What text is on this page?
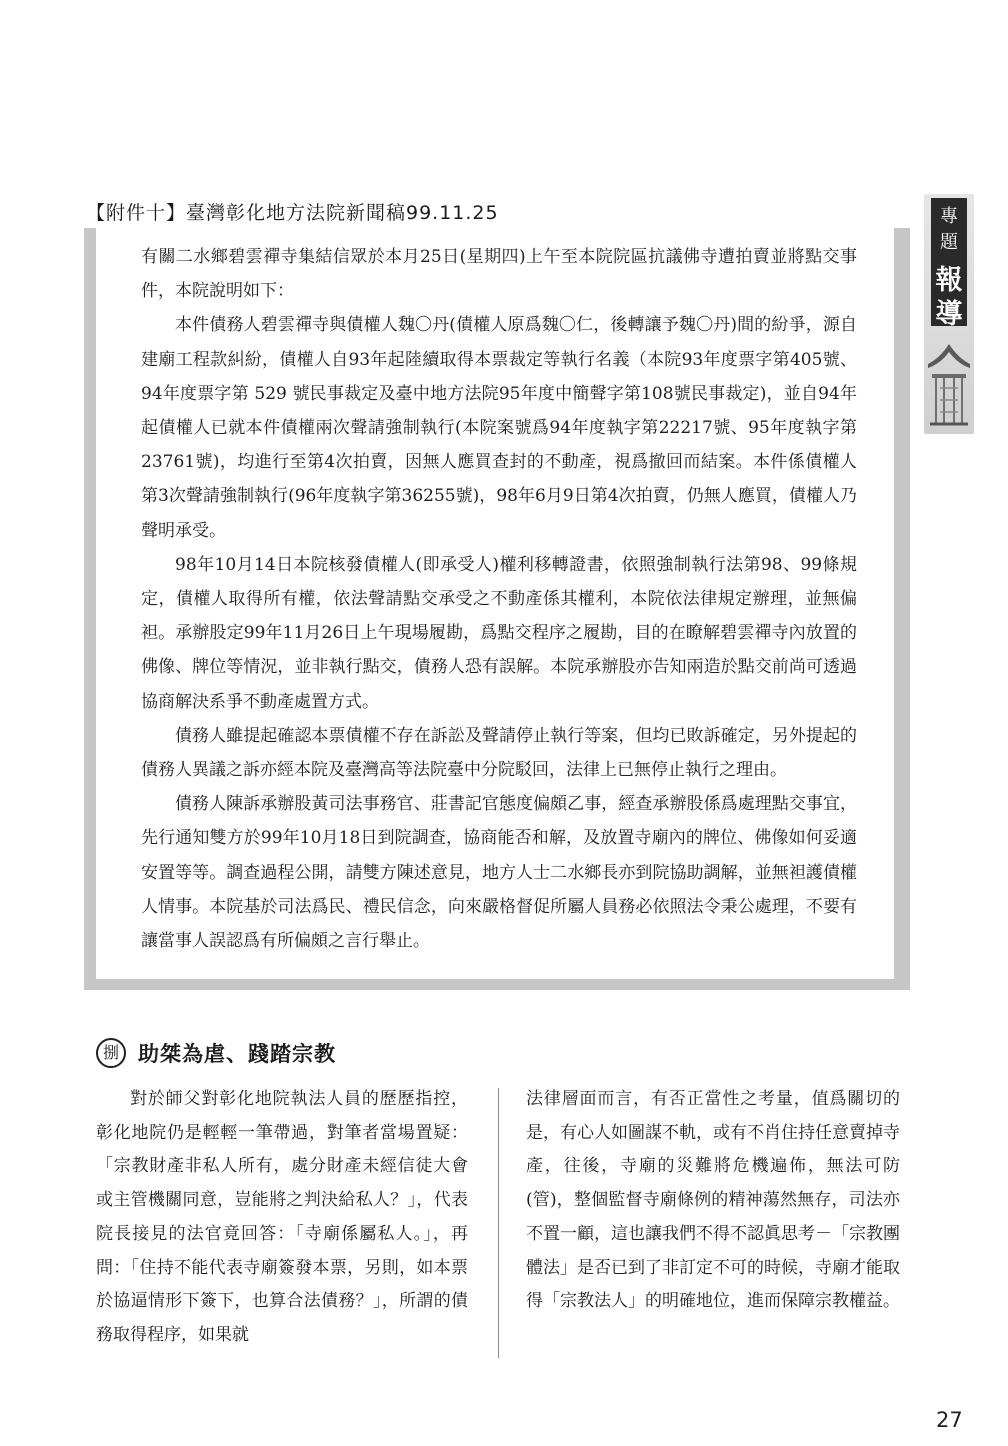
【附件十】臺灣彰化地方法院新聞稿99.11.25

有關二水鄉碧雲禪寺集結信眾於本月25日(星期四)上午至本院院區抗議佛寺遭拍賣並將點交事件，本院說明如下：

本件債務人碧雲禪寺與債權人魏〇丹(債權人原爲魏〇仁，後轉讓予魏〇丹)間的紛爭，源自建廟工程款糾紛，債權人自93年起陸續取得本票裁定等執行名義（本院93年度票字第405號、94年度票字第 529 號民事裁定及臺中地方法院95年度中簡聲字第108號民事裁定)，並自94年起債權人已就本件債權兩次聲請強制執行(本院案號爲94年度執字第22217號、95年度執字第23761號)，均進行至第4次拍賣，因無人應買查封的不動產，視爲撤回而結案。本件係債權人第3次聲請強制執行(96年度執字第36255號)，98年6月9日第4次拍賣，仍無人應買，債權人乃聲明承受。

98年10月14日本院核發債權人(即承受人)權利移轉證書，依照強制執行法第98、99條規定，債權人取得所有權，依法聲請點交承受之不動產係其權利，本院依法律規定辦理，並無偏袒。承辦股定99年11月26日上午現場履勘，爲點交程序之履勘，目的在瞭解碧雲禪寺內放置的佛像、牌位等情況，並非執行點交，債務人恐有誤解。本院承辦股亦告知兩造於點交前尚可透過協商解決系爭不動產處置方式。

債務人雖提起確認本票債權不存在訴訟及聲請停止執行等案，但均已敗訴確定，另外提起的債務人異議之訴亦經本院及臺灣高等法院臺中分院駁回，法律上已無停止執行之理由。

債務人陳訴承辦股黃司法事務官、莊書記官態度偏頗乙事，經查承辦股係爲處理點交事宜，先行通知雙方於99年10月18日到院調查，協商能否和解，及放置寺廟內的牌位、佛像如何妥適安置等等。調查過程公開，請雙方陳述意見，地方人士二水鄉長亦到院協助調解，並無袒護債權人情事。本院基於司法爲民、禮民信念，向來嚴格督促所屬人員務必依照法令秉公處理，不要有讓當事人誤認爲有所偏頗之言行舉止。

專
題
報
導
捌 助桀為虐、踐踏宗教

對於師父對彰化地院執法人員的歷歷指控，彰化地院仍是輕輕一筆帶過，對筆者當場置疑：「宗教財產非私人所有，處分財產未經信徒大會或主管機關同意，豈能將之判決給私人？」，代表院長接見的法官竟回答：「寺廟係屬私人。」，再問：「住持不能代表寺廟簽發本票，另則，如本票於協逼情形下簽下，也算合法債務？」，所謂的債務取得程序，如果就

法律層面而言，有否正當性之考量，值爲關切的是，有心人如圖謀不軌，或有不肖住持任意賣掉寺產，往後，寺廟的災難將危機遍佈，無法可防(管)，整個監督寺廟條例的精神蕩然無存，司法亦不置一顧，這也讓我們不得不認眞思考－「宗教團體法」是否已到了非訂定不可的時候，寺廟才能取得「宗教法人」的明確地位，進而保障宗教權益。

27
